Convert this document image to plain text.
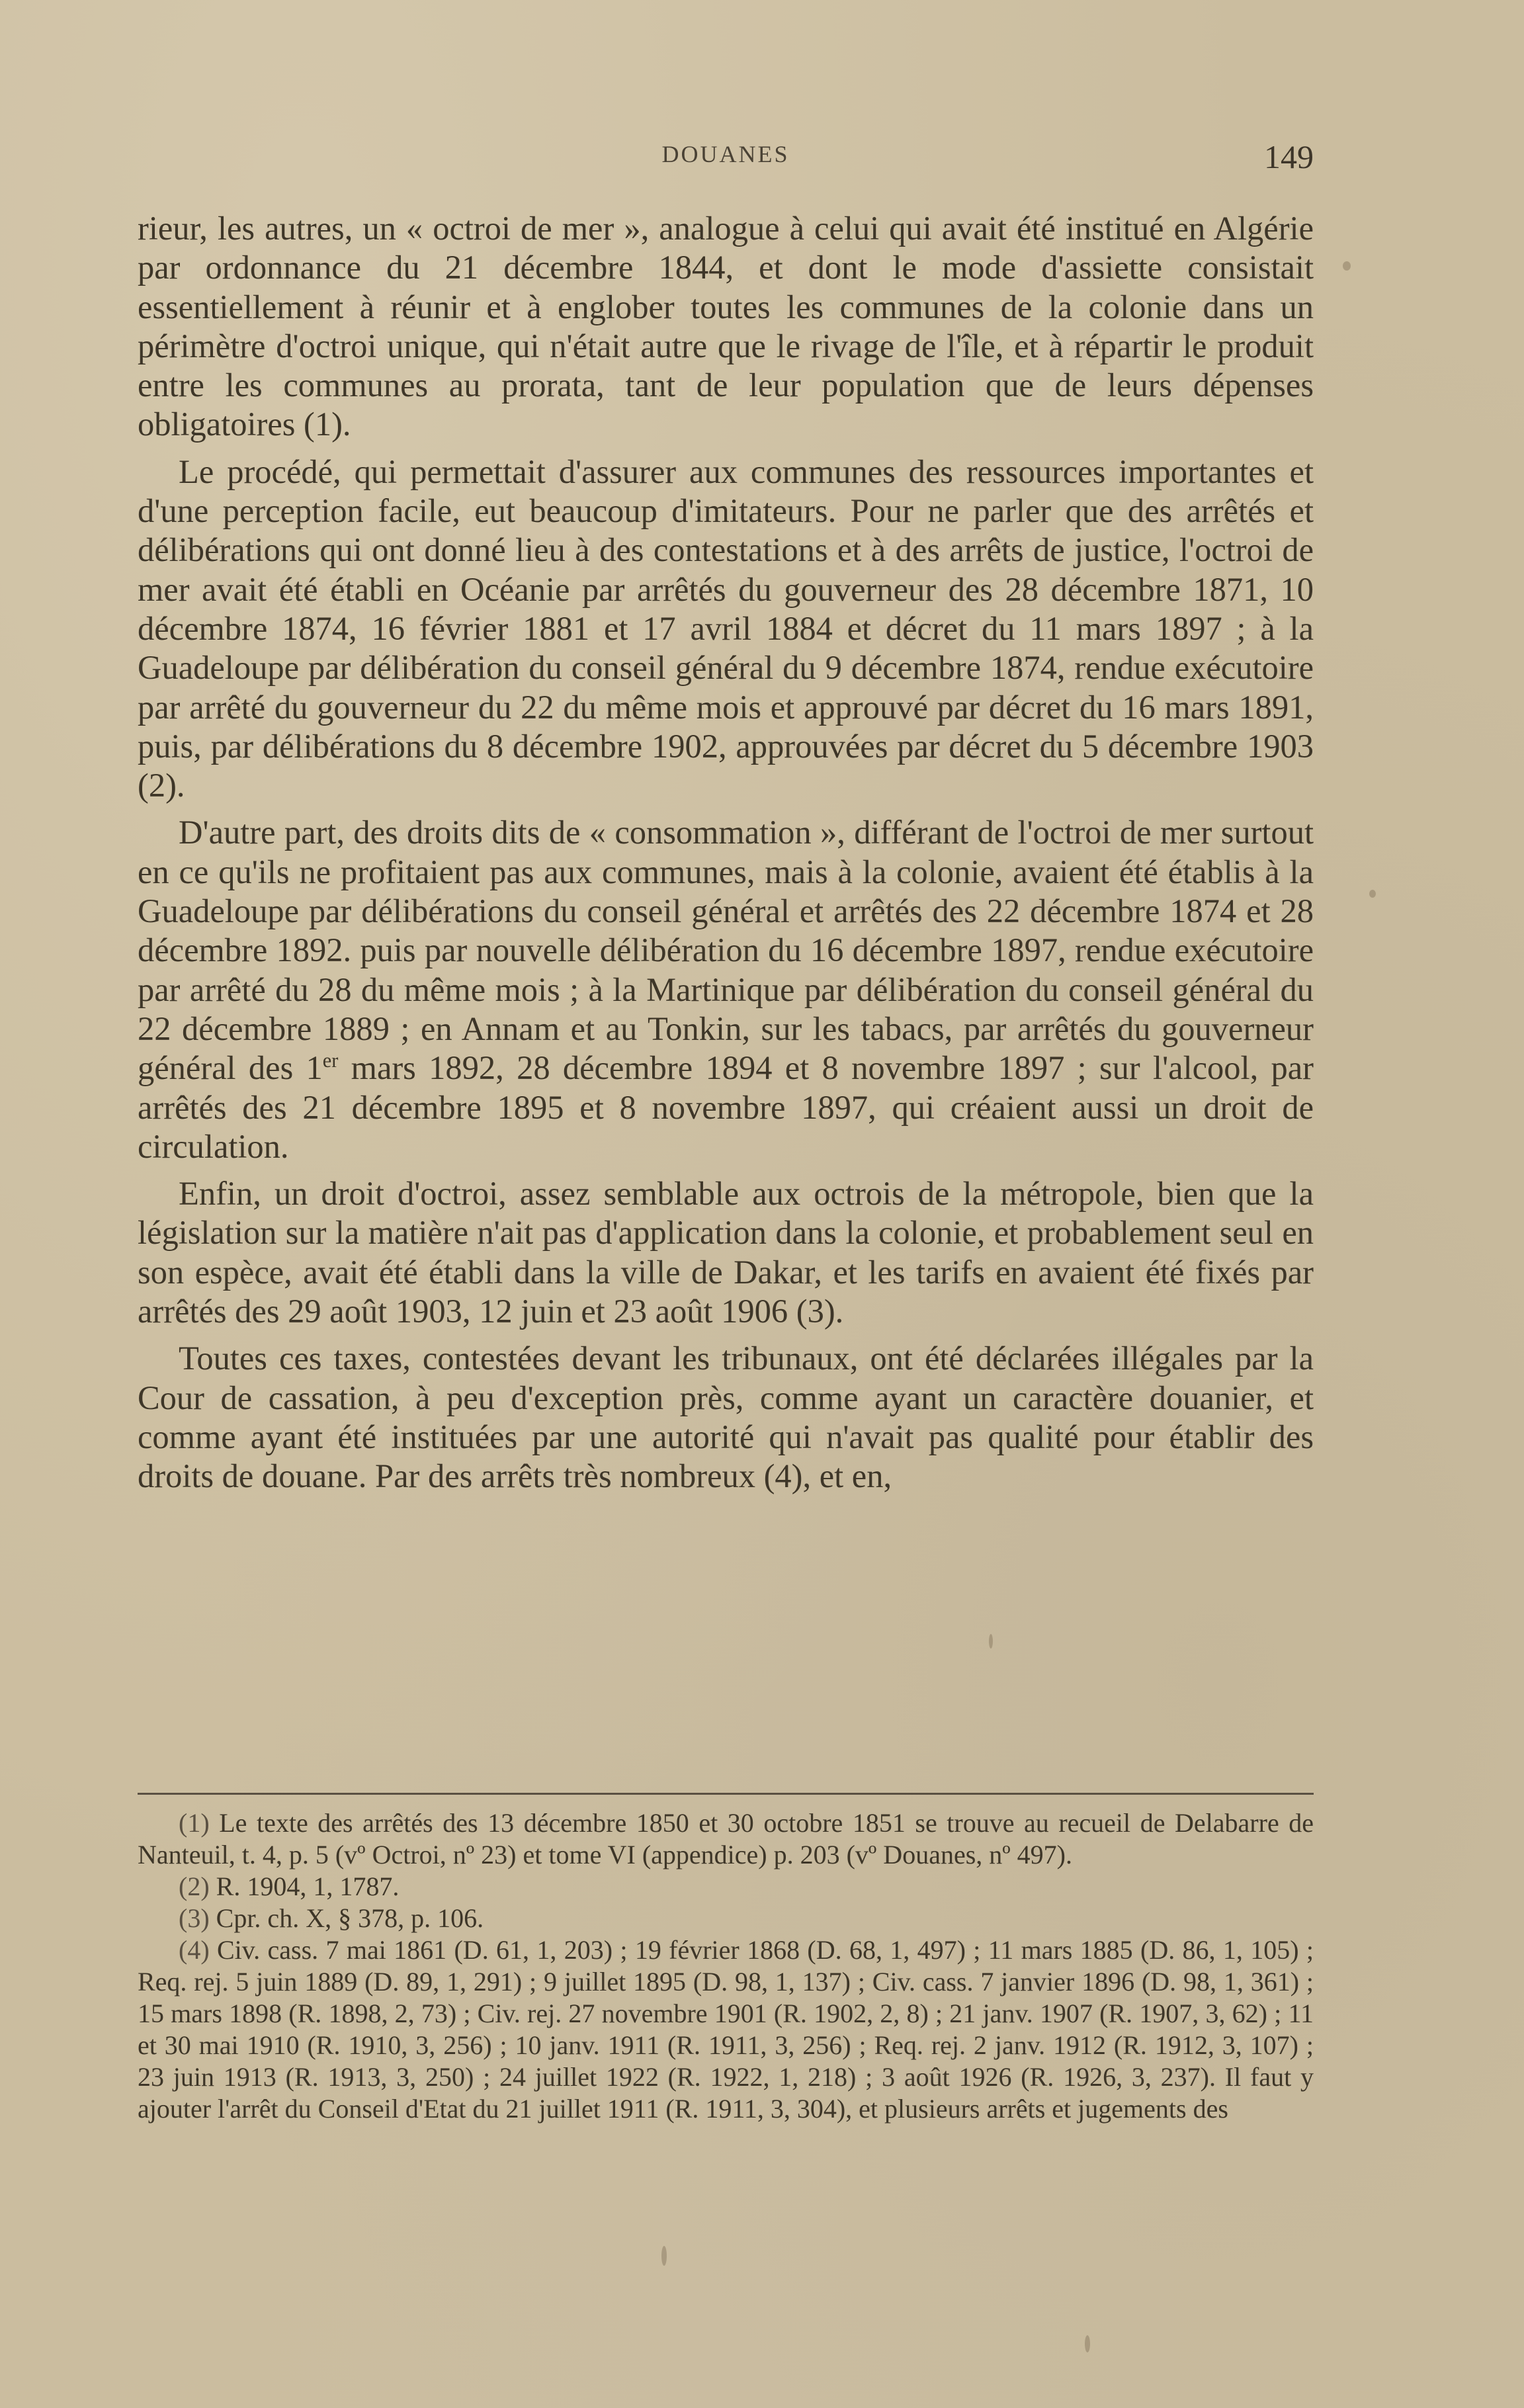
DOUANES	149

rieur, les autres, un « octroi de mer », analogue à celui qui avait été institué en Algérie par ordonnance du 21 décembre 1844, et dont le mode d'assiette consistait essentiellement à réunir et à englober toutes les communes de la colonie dans un périmètre d'octroi unique, qui n'était autre que le rivage de l'île, et à répartir le produit entre les communes au prorata, tant de leur population que de leurs dépenses obligatoires (1).

Le procédé, qui permettait d'assurer aux communes des ressources importantes et d'une perception facile, eut beaucoup d'imitateurs. Pour ne parler que des arrêtés et délibérations qui ont donné lieu à des contestations et à des arrêts de justice, l'octroi de mer avait été établi en Océanie par arrêtés du gouverneur des 28 décembre 1871, 10 décembre 1874, 16 février 1881 et 17 avril 1884 et décret du 11 mars 1897 ; à la Guadeloupe par délibération du conseil général du 9 décembre 1874, rendue exécutoire par arrêté du gouverneur du 22 du même mois et approuvé par décret du 16 mars 1891, puis, par délibérations du 8 décembre 1902, approuvées par décret du 5 décembre 1903 (2).

D'autre part, des droits dits de « consommation », différant de l'octroi de mer surtout en ce qu'ils ne profitaient pas aux communes, mais à la colonie, avaient été établis à la Guadeloupe par délibérations du conseil général et arrêtés des 22 décembre 1874 et 28 décembre 1892. puis par nouvelle délibération du 16 décembre 1897, rendue exécutoire par arrêté du 28 du même mois ; à la Martinique par délibération du conseil général du 22 décembre 1889 ; en Annam et au Tonkin, sur les tabacs, par arrêtés du gouverneur général des 1er mars 1892, 28 décembre 1894 et 8 novembre 1897 ; sur l'alcool, par arrêtés des 21 décembre 1895 et 8 novembre 1897, qui créaient aussi un droit de circulation.

Enfin, un droit d'octroi, assez semblable aux octrois de la métropole, bien que la législation sur la matière n'ait pas d'application dans la colonie, et probablement seul en son espèce, avait été établi dans la ville de Dakar, et les tarifs en avaient été fixés par arrêtés des 29 août 1903, 12 juin et 23 août 1906 (3).

Toutes ces taxes, contestées devant les tribunaux, ont été déclarées illégales par la Cour de cassation, à peu d'exception près, comme ayant un caractère douanier, et comme ayant été instituées par une autorité qui n'avait pas qualité pour établir des droits de douane. Par des arrêts très nombreux (4), et en,

(1) Le texte des arrêtés des 13 décembre 1850 et 30 octobre 1851 se trouve au recueil de Delabarre de Nanteuil, t. 4, p. 5 (vº Octroi, nº 23) et tome VI (appendice) p. 203 (vº Douanes, nº 497).

(2) R. 1904, 1, 1787.

(3) Cpr. ch. X, § 378, p. 106.

(4) Civ. cass. 7 mai 1861 (D. 61, 1, 203) ; 19 février 1868 (D. 68, 1, 497) ; 11 mars 1885 (D. 86, 1, 105) ; Req. rej. 5 juin 1889 (D. 89, 1, 291) ; 9 juillet 1895 (D. 98, 1, 137) ; Civ. cass. 7 janvier 1896 (D. 98, 1, 361) ; 15 mars 1898 (R. 1898, 2, 73) ; Civ. rej. 27 novembre 1901 (R. 1902, 2, 8) ; 21 janv. 1907 (R. 1907, 3, 62) ; 11 et 30 mai 1910 (R. 1910, 3, 256) ; 10 janv. 1911 (R. 1911, 3, 256) ; Req. rej. 2 janv. 1912 (R. 1912, 3, 107) ; 23 juin 1913 (R. 1913, 3, 250) ; 24 juillet 1922 (R. 1922, 1, 218) ; 3 août 1926 (R. 1926, 3, 237). Il faut y ajouter l'arrêt du Conseil d'Etat du 21 juillet 1911 (R. 1911, 3, 304), et plusieurs arrêts et jugements des
